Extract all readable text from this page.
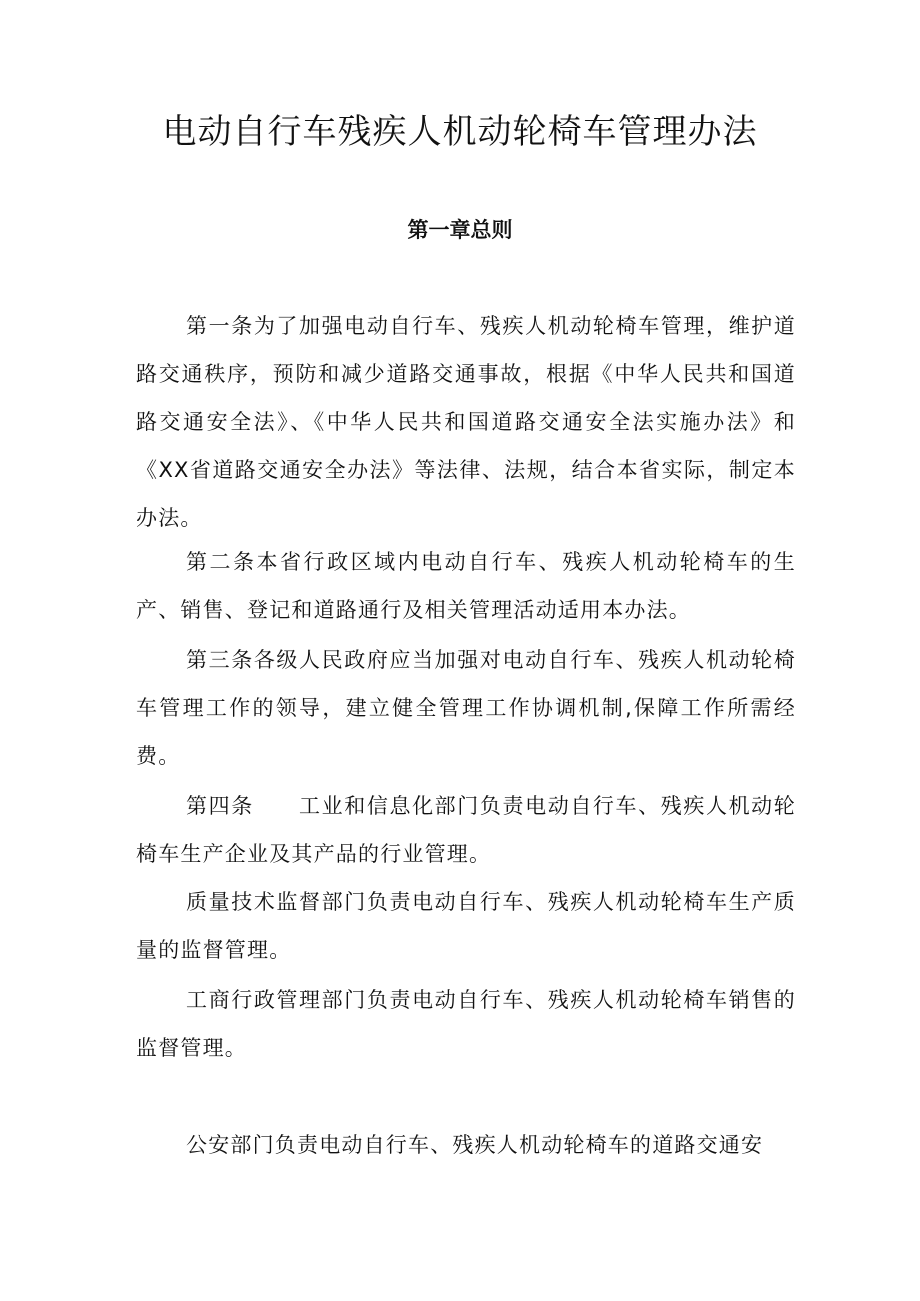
电动自行车残疾人机动轮椅车管理办法
第一章总则

第一条为了加强电动自行车、残疾人机动轮椅车管理，维护道路交通秩序，预防和减少道路交通事故，根据《中华人民共和国道路交通安全法》、《中华人民共和国道路交通安全法实施办法》和《XX省道路交通安全办法》等法律、法规，结合本省实际，制定本办法。

第二条本省行政区域内电动自行车、残疾人机动轮椅车的生产、销售、登记和道路通行及相关管理活动适用本办法。

第三条各级人民政府应当加强对电动自行车、残疾人机动轮椅车管理工作的领导，建立健全管理工作协调机制,保障工作所需经费。

第四条　　工业和信息化部门负责电动自行车、残疾人机动轮椅车生产企业及其产品的行业管理。

质量技术监督部门负责电动自行车、残疾人机动轮椅车生产质量的监督管理。

工商行政管理部门负责电动自行车、残疾人机动轮椅车销售的监督管理。

公安部门负责电动自行车、残疾人机动轮椅车的道路交通安
